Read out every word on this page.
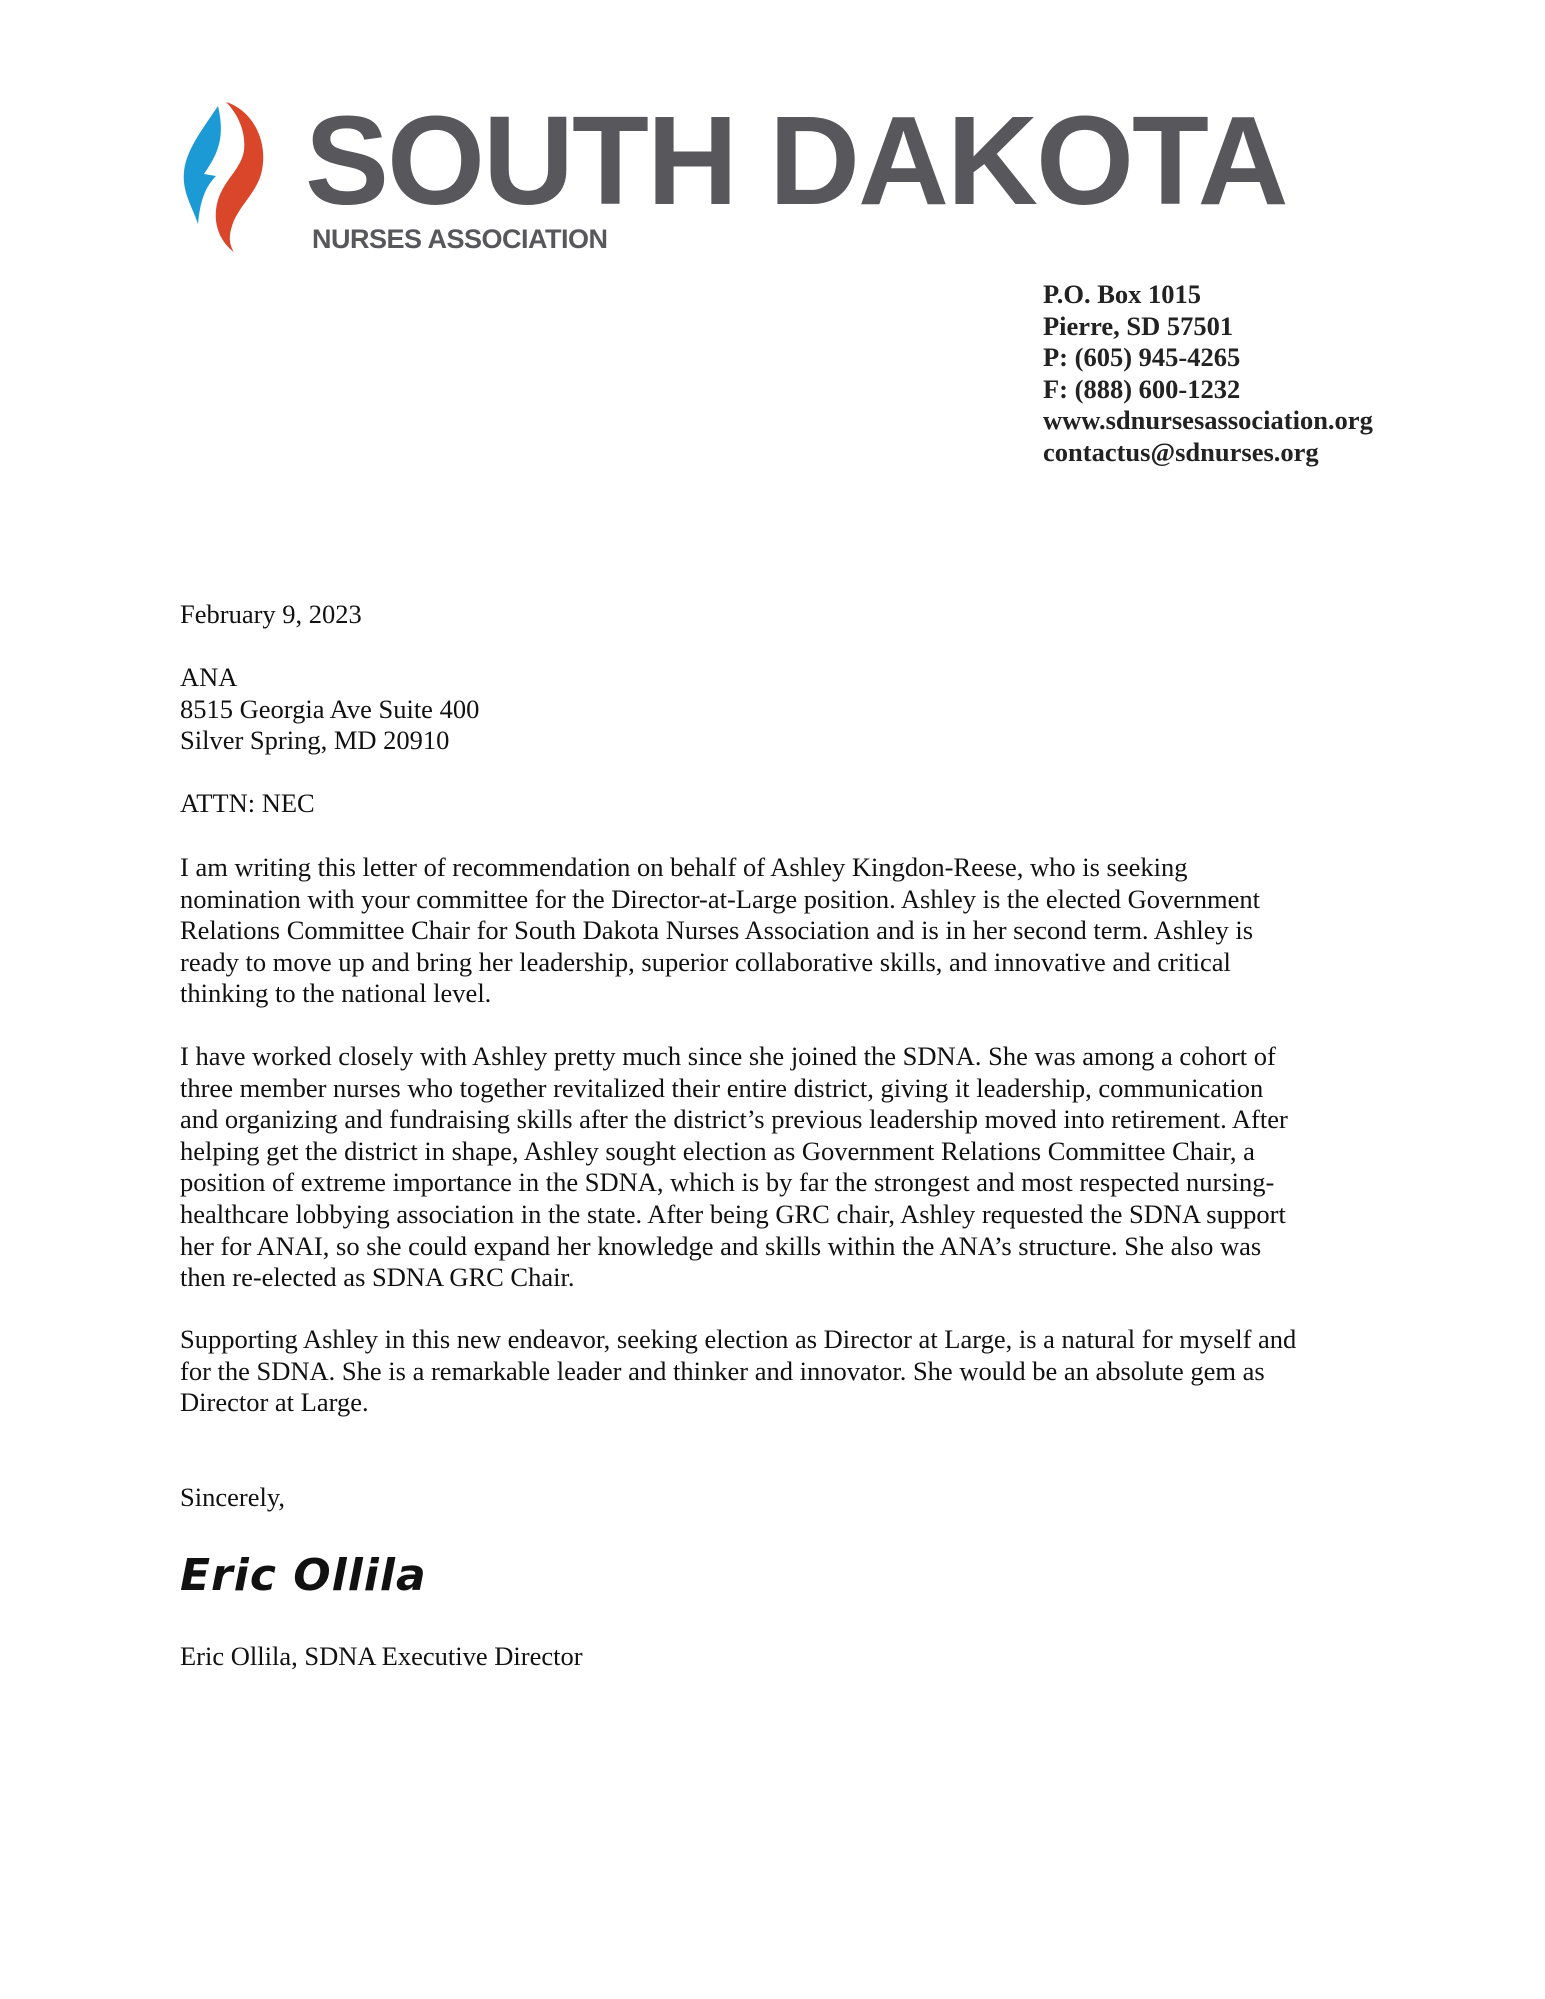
SOUTH DAKOTA
NURSES ASSOCIATION
P.O. Box 1015
Pierre, SD 57501
P: (605) 945-4265
F: (888) 600-1232
www.sdnursesassociation.org
contactus@sdnurses.org
February 9, 2023
ANA
8515 Georgia Ave Suite 400
Silver Spring, MD 20910
ATTN: NEC
I am writing this letter of recommendation on behalf of Ashley Kingdon-Reese, who is seeking
nomination with your committee for the Director-at-Large position. Ashley is the elected Government
Relations Committee Chair for South Dakota Nurses Association and is in her second term. Ashley is
ready to move up and bring her leadership, superior collaborative skills, and innovative and critical
thinking to the national level.
I have worked closely with Ashley pretty much since she joined the SDNA. She was among a cohort of
three member nurses who together revitalized their entire district, giving it leadership, communication
and organizing and fundraising skills after the district’s previous leadership moved into retirement. After
helping get the district in shape, Ashley sought election as Government Relations Committee Chair, a
position of extreme importance in the SDNA, which is by far the strongest and most respected nursing-
healthcare lobbying association in the state. After being GRC chair, Ashley requested the SDNA support
her for ANAI, so she could expand her knowledge and skills within the ANA’s structure. She also was
then re-elected as SDNA GRC Chair.
Supporting Ashley in this new endeavor, seeking election as Director at Large, is a natural for myself and
for the SDNA. She is a remarkable leader and thinker and innovator. She would be an absolute gem as
Director at Large.
Sincerely,
Eric Ollila
Eric Ollila, SDNA Executive Director
